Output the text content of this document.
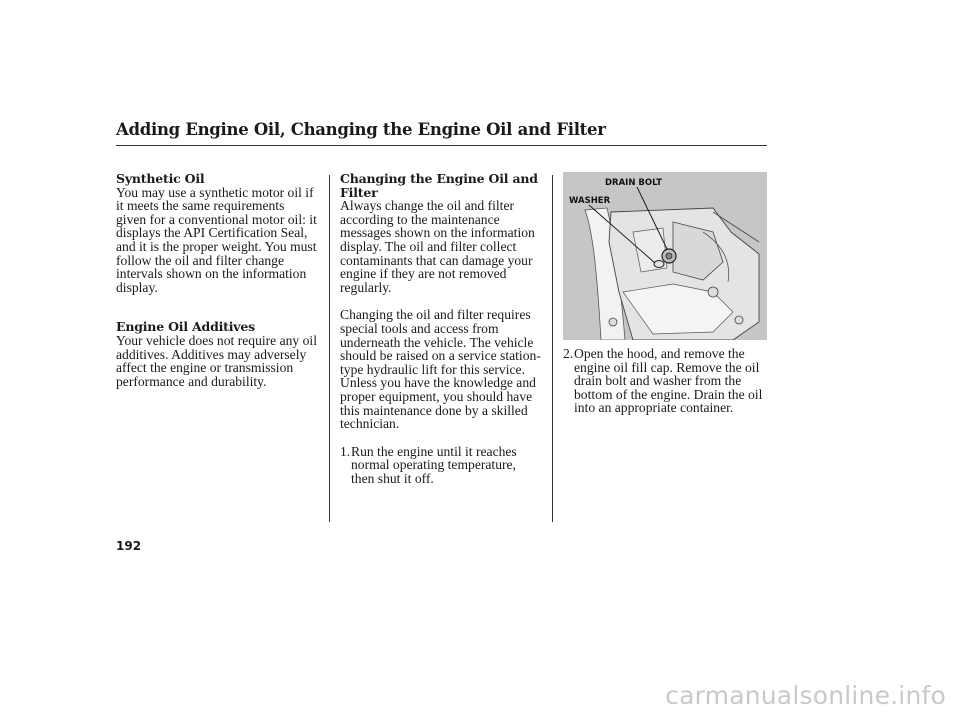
Adding Engine Oil, Changing the Engine Oil and Filter

Synthetic Oil

You may use a synthetic motor oil if

it meets the same requirements

given for a conventional motor oil: it

displays the API Certification Seal,

and it is the proper weight. You must

follow the oil and filter change

intervals shown on the information

display.

Engine Oil Additives

Your vehicle does not require any oil

additives. Additives may adversely

affect the engine or transmission

performance and durability.

Changing the Engine Oil and

Filter

Always change the oil and filter

according to the maintenance

messages shown on the information

display. The oil and filter collect

contaminants that can damage your

engine if they are not removed

regularly.

Changing the oil and filter requires

special tools and access from

underneath the vehicle. The vehicle

should be raised on a service station-

type hydraulic lift for this service.

Unless you have the knowledge and

proper equipment, you should have

this maintenance done by a skilled

technician.

1. Run the engine until it reaches

normal operating temperature,

then shut it off.

DRAIN BOLT
WASHER
2. Open the hood, and remove the

engine oil fill cap. Remove the oil

drain bolt and washer from the

bottom of the engine. Drain the oil

into an appropriate container.

192
carmanualsonline.info
